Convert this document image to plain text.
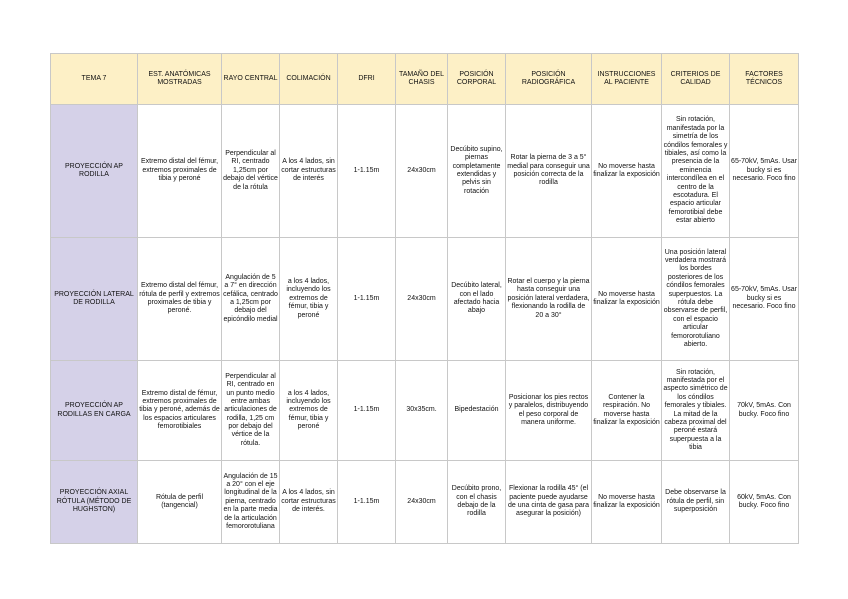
TEMA 7	EST. ANATÓMICAS MOSTRADAS	RAYO CENTRAL	COLIMACIÓN	DFRI	TAMAÑO DEL CHASIS	POSICIÓN CORPORAL	POSICIÓN RADIOGRÁFICA	INSTRUCCIONES AL PACIENTE	CRITERIOS DE CALIDAD	FACTORES TÉCNICOS
PROYECCIÓN AP RODILLA	Extremo distal del fémur, extremos proximales de tibia y peroné	Perpendicular al RI, centrado 1,25cm por debajo del vértice de la rótula	A los 4 lados, sin cortar estructuras de interés	1-1.15m	24x30cm	Decúbito supino, piernas completamente extendidas y pelvis sin rotación	Rotar la pierna de 3 a 5° medial para conseguir una posición correcta de la rodilla	No moverse hasta finalizar la exposición	Sin rotación, manifestada por la simetría de los cóndilos femorales y tibiales, así como la presencia de la eminencia intercondílea en el centro de la escotadura. El espacio articular femorotibial debe estar abierto	65-70kV, 5mAs. Usar bucky si es necesario. Foco fino
PROYECCIÓN LATERAL DE RODILLA	Extremo distal del fémur, rótula de perfil y extremos proximales de tibia y peroné.	Angulación de 5 a 7° en dirección cefálica, centrado a 1,25cm por debajo del epicóndilo medial	a los 4 lados, incluyendo los extremos de fémur, tibia y peroné	1-1.15m	24x30cm	Decúbito lateral, con el lado afectado hacia abajo	Rotar el cuerpo y la pierna hasta conseguir una posición lateral verdadera, flexionando la rodilla de 20 a 30°	No moverse hasta finalizar la exposición	Una posición lateral verdadera mostrará los bordes posteriores de los cóndilos femorales superpuestos. La rótula debe observarse de perfil, con el espacio articular femororotuliano abierto.	65-70kV, 5mAs. Usar bucky si es necesario. Foco fino
PROYECCIÓN AP RODILLAS EN CARGA	Extremo distal de fémur, extremos proximales de tibia y peroné, además de los espacios articulares femorotibiales	Perpendicular al RI, centrado en un punto medio entre ambas articulaciones de rodilla, 1,25 cm por debajo del vértice de la rótula.	a los 4 lados, incluyendo los extremos de fémur, tibia y peroné	1-1.15m	30x35cm.	Bipedestación	Posicionar los pies rectos y paralelos, distribuyendo el peso corporal de manera uniforme.	Contener la respiración. No moverse hasta finalizar la exposición	Sin rotación, manifestada por el aspecto simétrico de los cóndilos femorales y tibiales. La mitad de la cabeza proximal del peroné estará superpuesta a la tibia	70kV, 5mAs. Con bucky. Foco fino
PROYECCIÓN AXIAL RÓTULA (MÉTODO DE HUGHSTON)	Rótula de perfil (tangencial)	Angulación de 15 a 20° con el eje longitudinal de la pierna, centrado en la parte media de la articulación femororotuliana	A los 4 lados, sin cortar estructuras de interés.	1-1.15m	24x30cm	Decúbito prono, con el chasis debajo de la rodilla	Flexionar la rodilla 45° (el paciente puede ayudarse de una cinta de gasa para asegurar la posición)	No moverse hasta finalizar la exposición	Debe observarse la rótula de perfil, sin superposición	60kV, 5mAs. Con bucky. Foco fino
